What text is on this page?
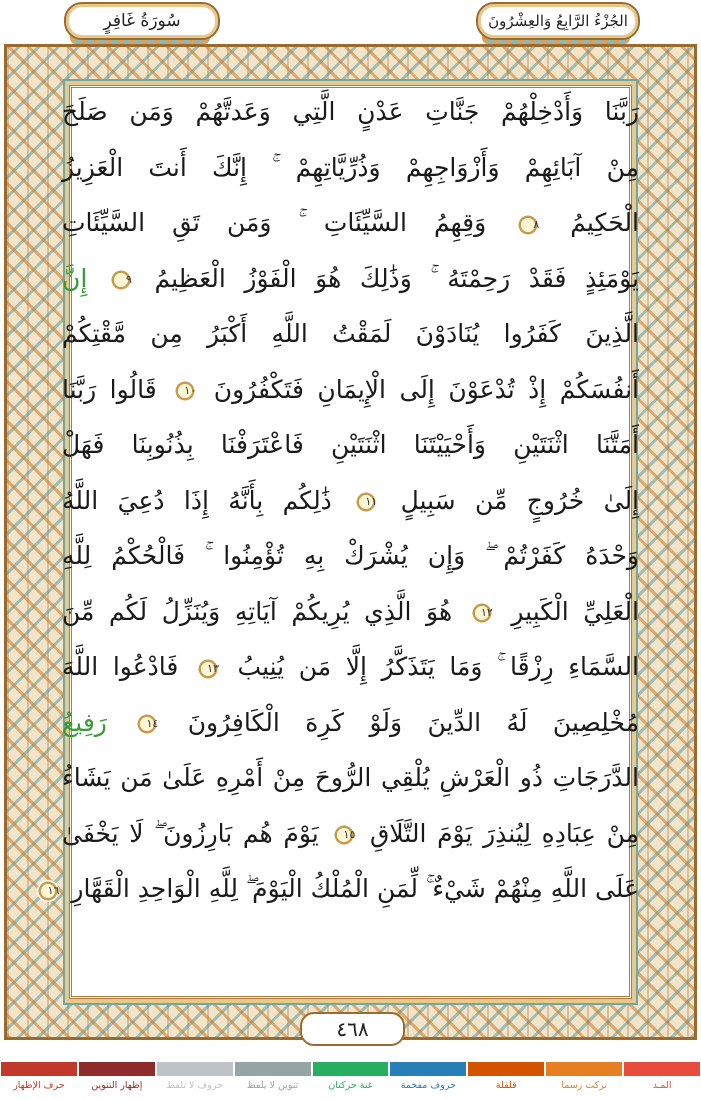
سُورَةُ غَافِرٍ	الجُزْءُ الرَّابِعُ وَالعِشْرُونَ
رَبَّنَا وَأَدْخِلْهُمْ جَنَّاتِ عَدْنٍ الَّتِي وَعَدتَّهُمْ وَمَن صَلَحَ
مِنْ آبَائِهِمْ وَأَزْوَاجِهِمْ وَذُرِّيَّاتِهِمْ ۚ إِنَّكَ أَنتَ الْعَزِيزُ
الْحَكِيمُ ٨ وَقِهِمُ السَّيِّئَاتِ ۚ وَمَن تَقِ السَّيِّئَاتِ
يَوْمَئِذٍ فَقَدْ رَحِمْتَهُ ۚ وَذَٰلِكَ هُوَ الْفَوْزُ الْعَظِيمُ ٩ إِنَّ
الَّذِينَ كَفَرُوا يُنَادَوْنَ لَمَقْتُ اللَّهِ أَكْبَرُ مِن مَّقْتِكُمْ
أَنفُسَكُمْ إِذْ تُدْعَوْنَ إِلَى الْإِيمَانِ فَتَكْفُرُونَ ١٠ قَالُوا رَبَّنَا
أَمَتَّنَا اثْنَتَيْنِ وَأَحْيَيْتَنَا اثْنَتَيْنِ فَاعْتَرَفْنَا بِذُنُوبِنَا فَهَلْ
إِلَىٰ خُرُوجٍ مِّن سَبِيلٍ ١١ ذَٰلِكُم بِأَنَّهُ إِذَا دُعِيَ اللَّهُ
وَحْدَهُ كَفَرْتُمْ ۖ وَإِن يُشْرَكْ بِهِ تُؤْمِنُوا ۚ فَالْحُكْمُ لِلَّهِ
الْعَلِيِّ الْكَبِيرِ ١٢ هُوَ الَّذِي يُرِيكُمْ آيَاتِهِ وَيُنَزِّلُ لَكُم مِّنَ
السَّمَاءِ رِزْقًا ۚ وَمَا يَتَذَكَّرُ إِلَّا مَن يُنِيبُ ١٣ فَادْعُوا اللَّهَ
مُخْلِصِينَ لَهُ الدِّينَ وَلَوْ كَرِهَ الْكَافِرُونَ ١٤ رَفِيعُ
الدَّرَجَاتِ ذُو الْعَرْشِ يُلْقِي الرُّوحَ مِنْ أَمْرِهِ عَلَىٰ مَن يَشَاءُ
مِنْ عِبَادِهِ لِيُنذِرَ يَوْمَ التَّلَاقِ ١٥ يَوْمَ هُم بَارِزُونَ ۖ لَا يَخْفَىٰ
عَلَى اللَّهِ مِنْهُمْ شَيْءٌ ۚ لِّمَنِ الْمُلْكُ الْيَوْمَ ۖ لِلَّهِ الْوَاحِدِ الْقَهَّارِ ١٦
٤٦٨
المـد
تركت رسما
قلقلة
حروف مفخمة
غنة حركتان
تنوين لا يلفظ
حروف لا تلفظ
إظهار التنوين
حرف الإظهار
